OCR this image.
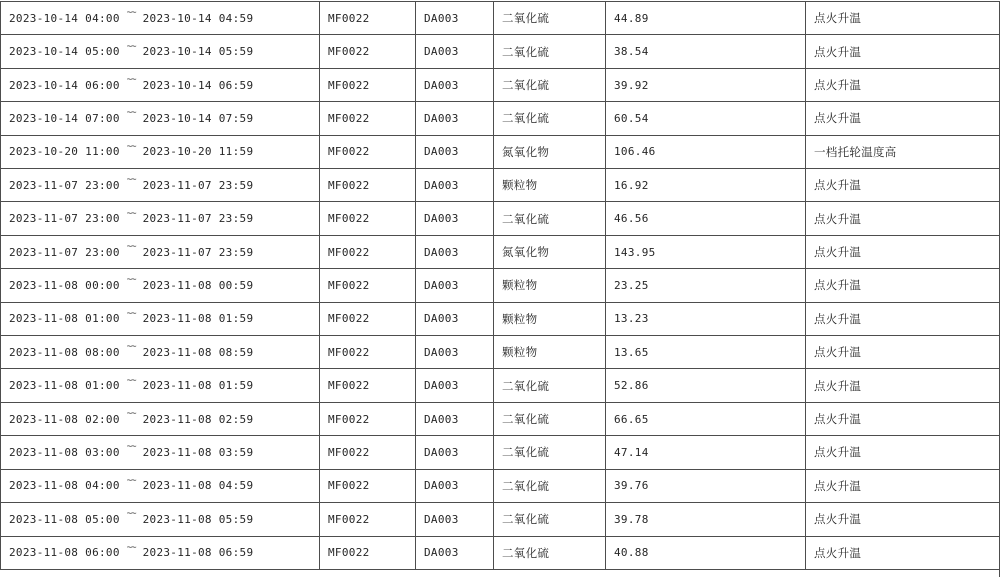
2023-10-14 04:00 ~~ 2023-10-14 04:59	MF0022	DA003	二氧化硫	44.89	点火升温
2023-10-14 05:00 ~~ 2023-10-14 05:59	MF0022	DA003	二氧化硫	38.54	点火升温
2023-10-14 06:00 ~~ 2023-10-14 06:59	MF0022	DA003	二氧化硫	39.92	点火升温
2023-10-14 07:00 ~~ 2023-10-14 07:59	MF0022	DA003	二氧化硫	60.54	点火升温
2023-10-20 11:00 ~~ 2023-10-20 11:59	MF0022	DA003	氮氧化物	106.46	一档托轮温度高
2023-11-07 23:00 ~~ 2023-11-07 23:59	MF0022	DA003	颗粒物	16.92	点火升温
2023-11-07 23:00 ~~ 2023-11-07 23:59	MF0022	DA003	二氧化硫	46.56	点火升温
2023-11-07 23:00 ~~ 2023-11-07 23:59	MF0022	DA003	氮氧化物	143.95	点火升温
2023-11-08 00:00 ~~ 2023-11-08 00:59	MF0022	DA003	颗粒物	23.25	点火升温
2023-11-08 01:00 ~~ 2023-11-08 01:59	MF0022	DA003	颗粒物	13.23	点火升温
2023-11-08 08:00 ~~ 2023-11-08 08:59	MF0022	DA003	颗粒物	13.65	点火升温
2023-11-08 01:00 ~~ 2023-11-08 01:59	MF0022	DA003	二氧化硫	52.86	点火升温
2023-11-08 02:00 ~~ 2023-11-08 02:59	MF0022	DA003	二氧化硫	66.65	点火升温
2023-11-08 03:00 ~~ 2023-11-08 03:59	MF0022	DA003	二氧化硫	47.14	点火升温
2023-11-08 04:00 ~~ 2023-11-08 04:59	MF0022	DA003	二氧化硫	39.76	点火升温
2023-11-08 05:00 ~~ 2023-11-08 05:59	MF0022	DA003	二氧化硫	39.78	点火升温
2023-11-08 06:00 ~~ 2023-11-08 06:59	MF0022	DA003	二氧化硫	40.88	点火升温
